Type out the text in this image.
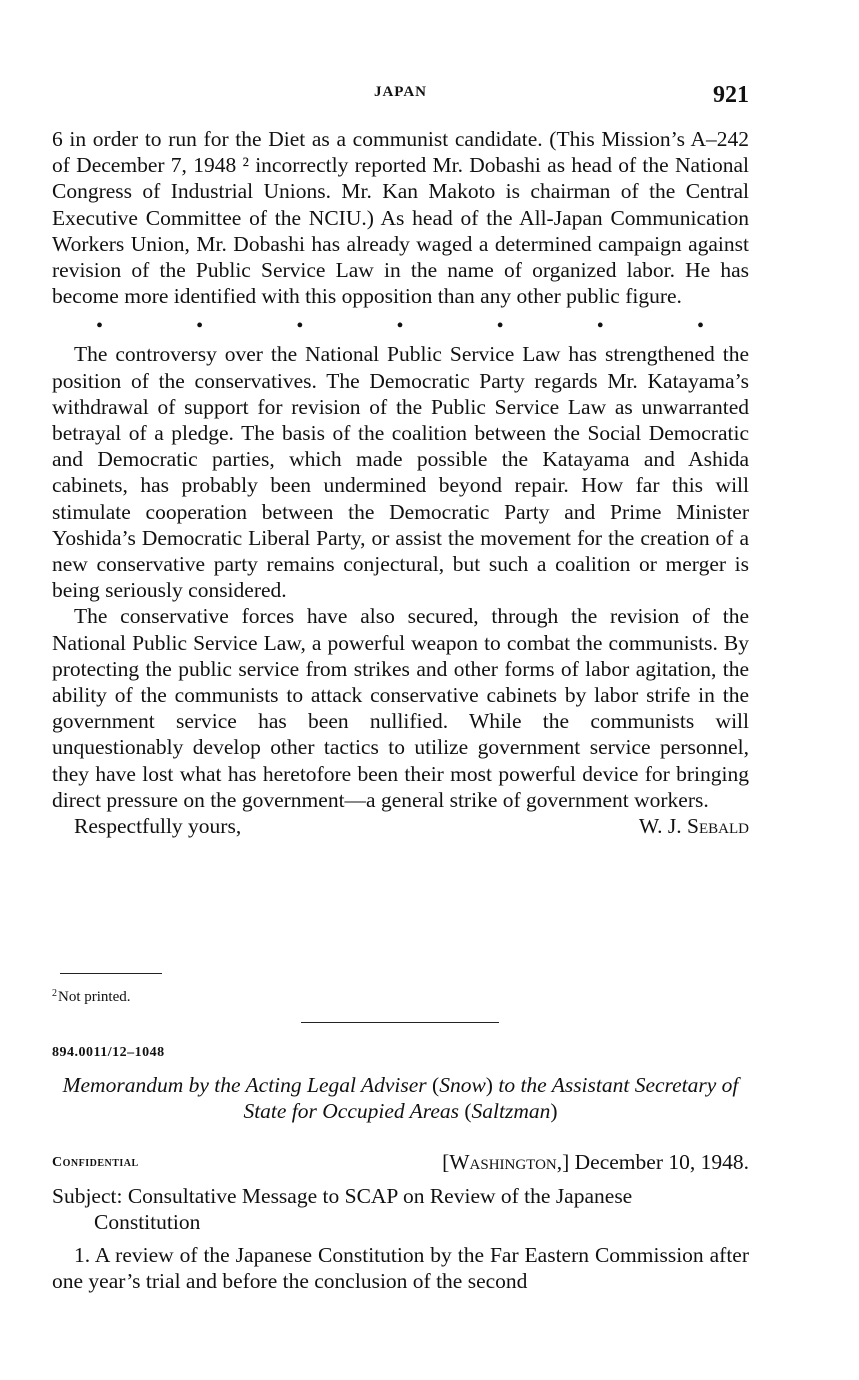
JAPAN	921

6 in order to run for the Diet as a communist candidate. (This Mission’s A–242 of December 7, 1948 ² incorrectly reported Mr. Dobashi as head of the National Congress of Industrial Unions. Mr. Kan Makoto is chairman of the Central Executive Committee of the NCIU.) As head of the All-Japan Communication Workers Union, Mr. Dobashi has already waged a determined campaign against revision of the Public Service Law in the name of organized labor. He has become more identified with this opposition than any other public figure.

•	•	•	•	•	•	•

The controversy over the National Public Service Law has strengthened the position of the conservatives. The Democratic Party regards Mr. Katayama’s withdrawal of support for revision of the Public Service Law as unwarranted betrayal of a pledge. The basis of the coalition between the Social Democratic and Democratic parties, which made possible the Katayama and Ashida cabinets, has probably been undermined beyond repair. How far this will stimulate cooperation between the Democratic Party and Prime Minister Yoshida’s Democratic Liberal Party, or assist the movement for the creation of a new conservative party remains conjectural, but such a coalition or merger is being seriously considered.

The conservative forces have also secured, through the revision of the National Public Service Law, a powerful weapon to combat the communists. By protecting the public service from strikes and other forms of labor agitation, the ability of the communists to attack conservative cabinets by labor strife in the government service has been nullified. While the communists will unquestionably develop other tactics to utilize government service personnel, they have lost what has heretofore been their most powerful device for bringing direct pressure on the government—a general strike of government workers.

Respectfully yours,	W. J. Sebald
$^2$Not printed.
894.0011/12–1048
Memorandum by the Acting Legal Adviser (Snow) to the Assistant Secretary of State for Occupied Areas (Saltzman)
Confidential	[Washington,] December 10, 1948.
Subject: Consultative Message to SCAP on Review of the Japanese
Constitution

1. A review of the Japanese Constitution by the Far Eastern Commission after one year’s trial and before the conclusion of the second
